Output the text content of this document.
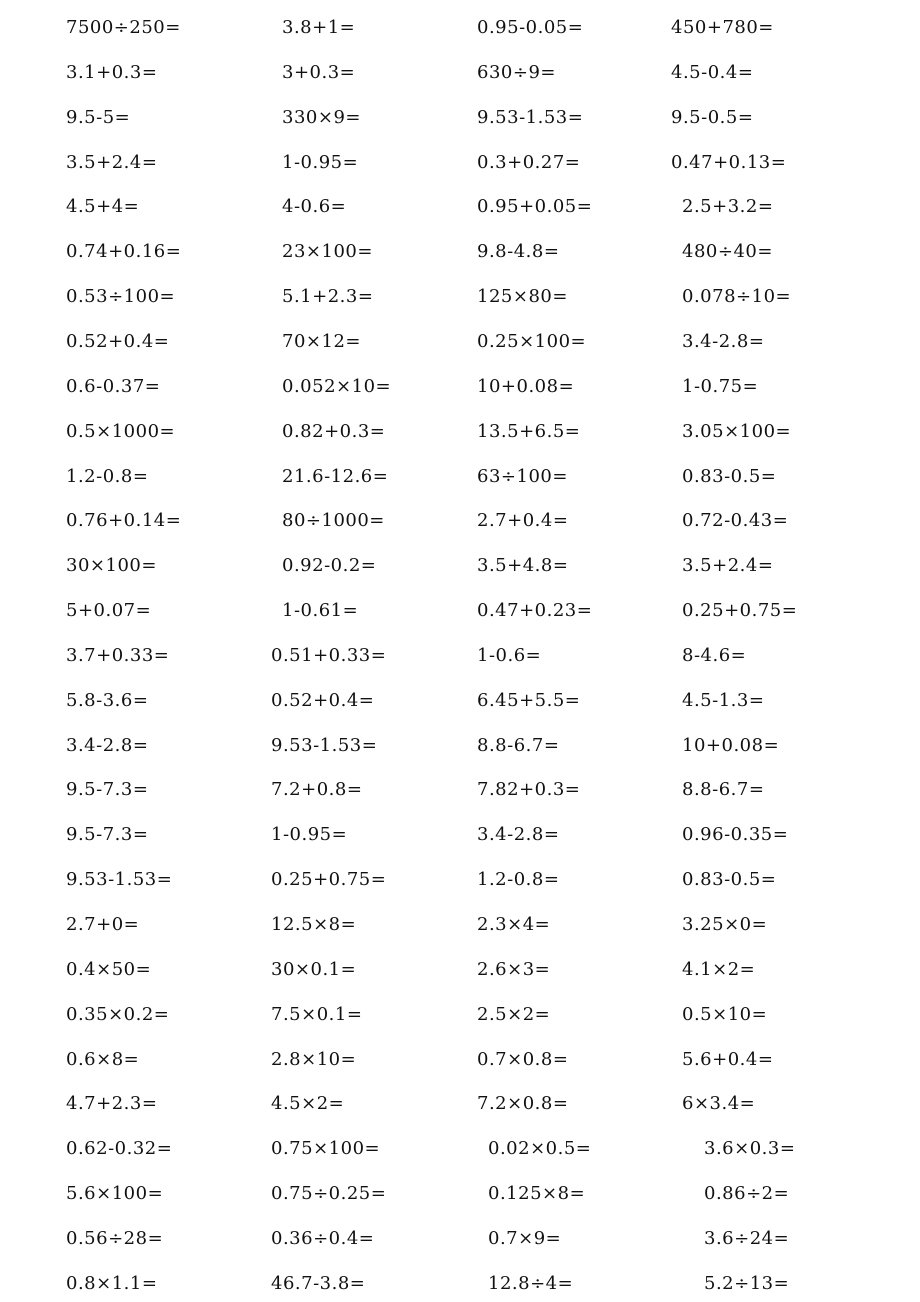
7500÷250=	3.8+1=	0.95-0.05=	450+780=
3.1+0.3=	3+0.3=	630÷9=	4.5-0.4=
9.5-5=	330×9=	9.53-1.53=	9.5-0.5=
3.5+2.4=	1-0.95=	0.3+0.27=	0.47+0.13=
4.5+4=	4-0.6=	0.95+0.05=	2.5+3.2=
0.74+0.16=	23×100=	9.8-4.8=	480÷40=
0.53÷100=	5.1+2.3=	125×80=	0.078÷10=
0.52+0.4=	70×12=	0.25×100=	3.4-2.8=
0.6-0.37=	0.052×10=	10+0.08=	1-0.75=
0.5×1000=	0.82+0.3=	13.5+6.5=	3.05×100=
1.2-0.8=	21.6-12.6=	63÷100=	0.83-0.5=
0.76+0.14=	80÷1000=	2.7+0.4=	0.72-0.43=
30×100=	0.92-0.2=	3.5+4.8=	3.5+2.4=
5+0.07=	1-0.61=	0.47+0.23=	0.25+0.75=
3.7+0.33=	0.51+0.33=	1-0.6=	8-4.6=
5.8-3.6=	0.52+0.4=	6.45+5.5=	4.5-1.3=
3.4-2.8=	9.53-1.53=	8.8-6.7=	10+0.08=
9.5-7.3=	7.2+0.8=	7.82+0.3=	8.8-6.7=
9.5-7.3=	1-0.95=	3.4-2.8=	0.96-0.35=
9.53-1.53=	0.25+0.75=	1.2-0.8=	0.83-0.5=
2.7+0=	12.5×8=	2.3×4=	3.25×0=
0.4×50=	30×0.1=	2.6×3=	4.1×2=
0.35×0.2=	7.5×0.1=	2.5×2=	0.5×10=
0.6×8=	2.8×10=	0.7×0.8=	5.6+0.4=
4.7+2.3=	4.5×2=	7.2×0.8=	6×3.4=
0.62-0.32=	0.75×100=	0.02×0.5=	3.6×0.3=
5.6×100=	0.75÷0.25=	0.125×8=	0.86÷2=
0.56÷28=	0.36÷0.4=	0.7×9=	3.6÷24=
0.8×1.1=	46.7-3.8=	12.8÷4=	5.2÷13=
